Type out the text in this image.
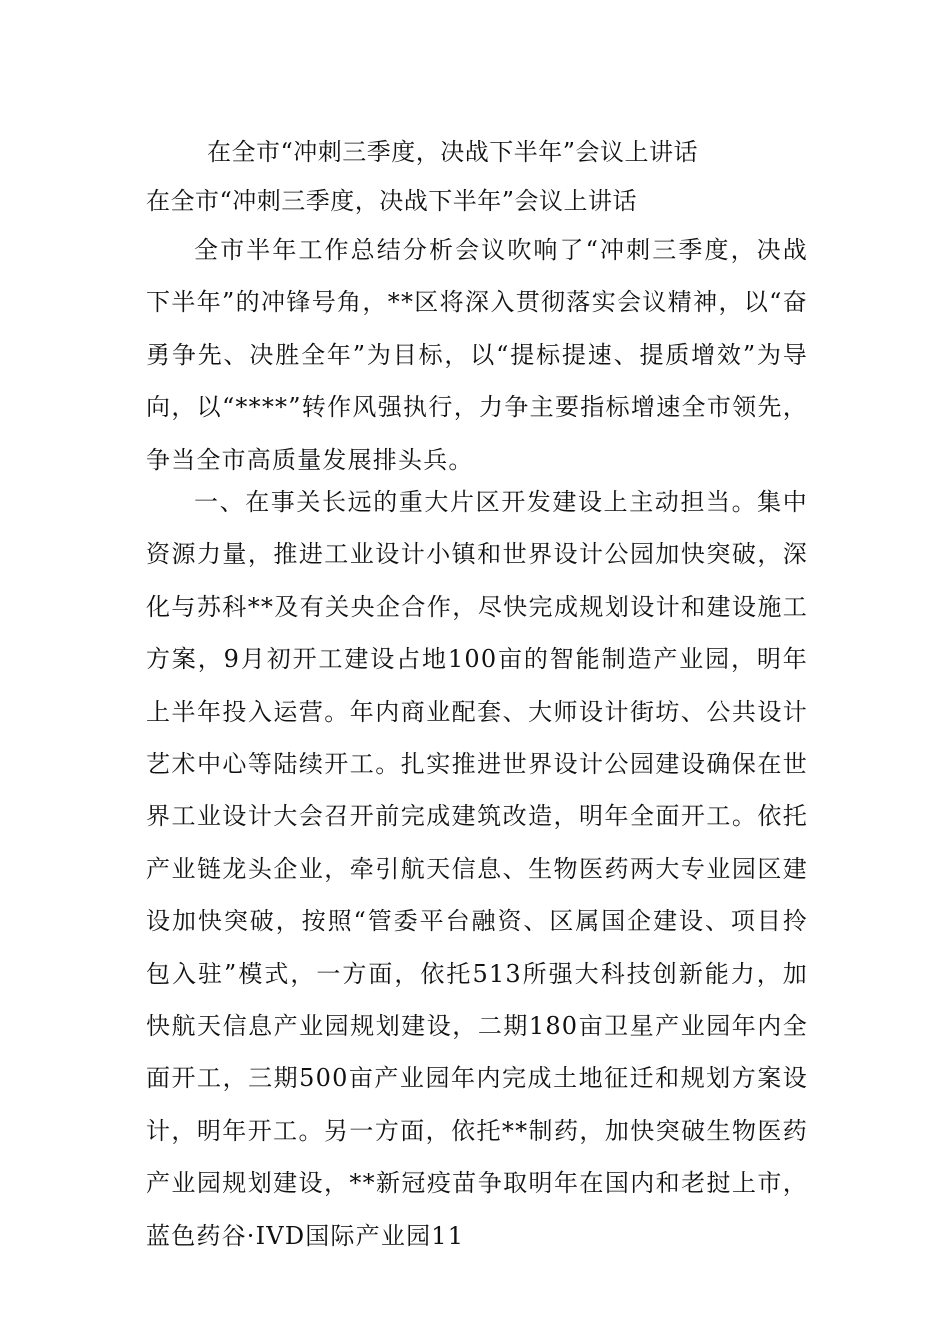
在全市“冲刺三季度，决战下半年”会议上讲话
在全市“冲刺三季度，决战下半年”会议上讲话

全市半年工作总结分析会议吹响了“冲刺三季度，决战下半年”的冲锋号角，**区将深入贯彻落实会议精神，以“奋勇争先、决胜全年”为目标，以“提标提速、提质增效”为导向，以“****”转作风强执行，力争主要指标增速全市领先，争当全市高质量发展排头兵。

一、在事关长远的重大片区开发建设上主动担当。集中资源力量，推进工业设计小镇和世界设计公园加快突破，深化与苏科**及有关央企合作，尽快完成规划设计和建设施工方案，9月初开工建设占地100亩的智能制造产业园，明年上半年投入运营。年内商业配套、大师设计街坊、公共设计艺术中心等陆续开工。扎实推进世界设计公园建设确保在世界工业设计大会召开前完成建筑改造，明年全面开工。依托产业链龙头企业，牵引航天信息、生物医药两大专业园区建设加快突破，按照“管委平台融资、区属国企建设、项目拎包入驻”模式，一方面，依托513所强大科技创新能力，加快航天信息产业园规划建设，二期180亩卫星产业园年内全面开工，三期500亩产业园年内完成土地征迁和规划方案设计，明年开工。另一方面，依托**制药，加快突破生物医药产业园规划建设，**新冠疫苗争取明年在国内和老挝上市，蓝色药谷·IVD国际产业园11
